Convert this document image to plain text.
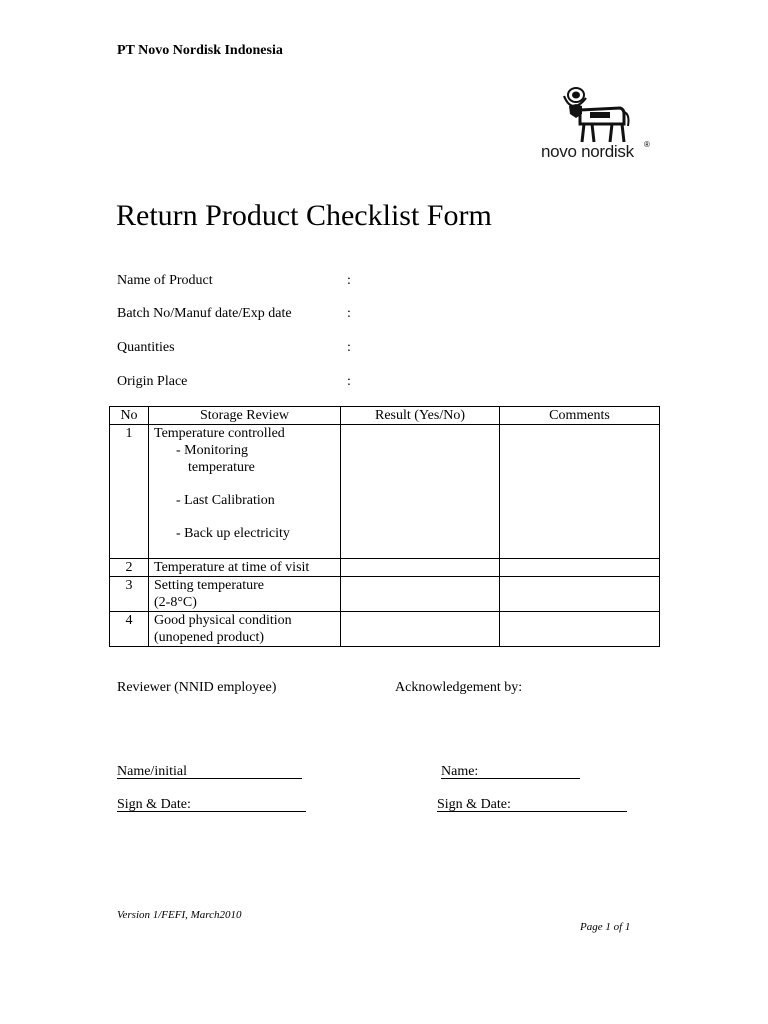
PT Novo Nordisk Indonesia
novo nordisk ®
Return Product Checklist Form
Name of Product	:
Batch No/Manuf date/Exp date	:
Quantities	:
Origin Place	:
No	Storage Review	Result (Yes/No)	Comments
1	Temperature controlled
- Monitoring
temperature
- Last Calibration
- Back up electricity		

2	Temperature at time of visit		
3	Setting temperature
(2-8°C)		

4	Good physical condition
(unopened product)		

Reviewer (NNID employee)	Acknowledgement by:
Name/initial	Name:
Sign & Date:	Sign & Date:
Version 1/FEFI, March2010
Page 1 of 1
